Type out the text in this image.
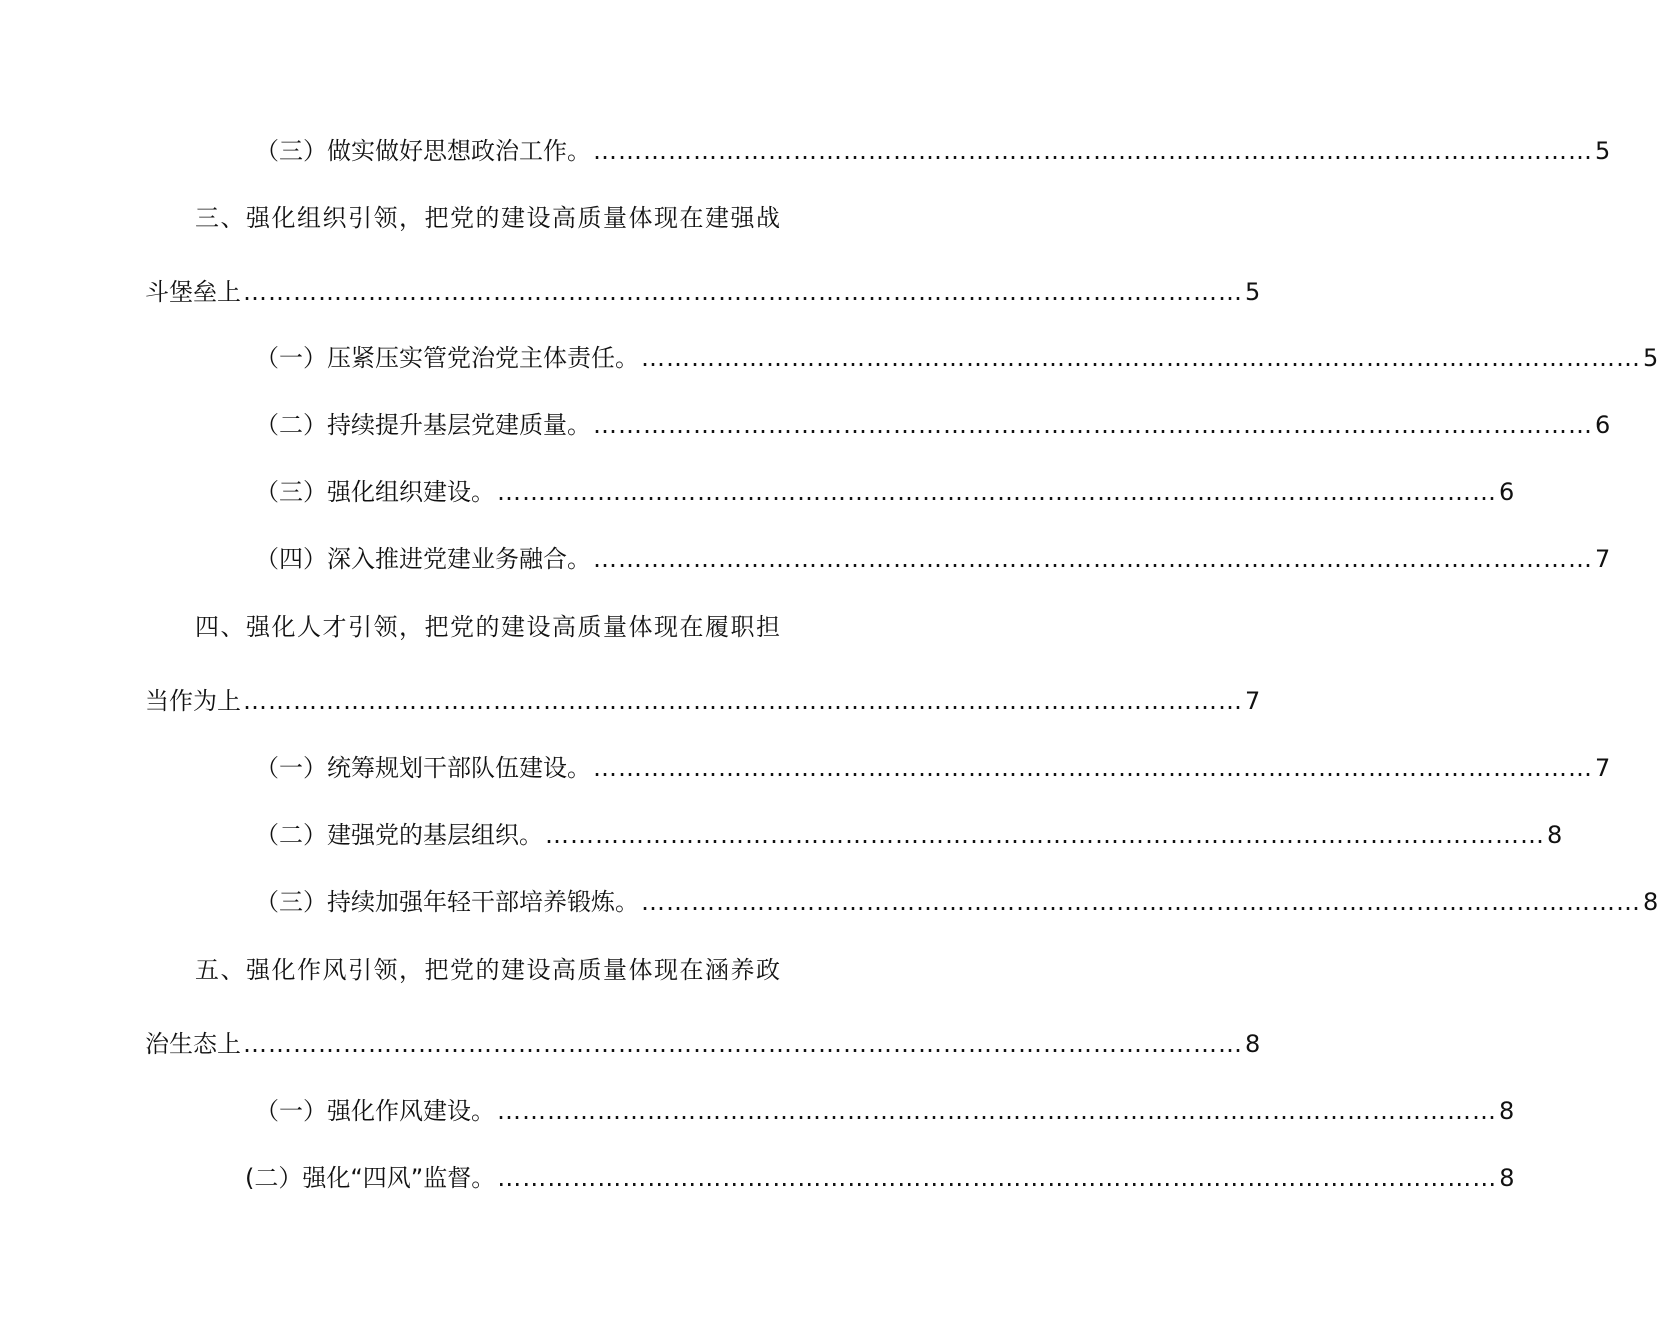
（三）做实做好思想政治工作。 ………………………………………………………………………………………………………… 5
三、强化组织引领，把党的建设高质量体现在建强战
斗堡垒上 ………………………………………………………………………………………………………… 5
（一）压紧压实管党治党主体责任。 ………………………………………………………………………………………………………… 5
（二）持续提升基层党建质量。 ………………………………………………………………………………………………………… 6
（三）强化组织建设。 ………………………………………………………………………………………………………… 6
（四）深入推进党建业务融合。 ………………………………………………………………………………………………………… 7
四、强化人才引领，把党的建设高质量体现在履职担
当作为上 ………………………………………………………………………………………………………… 7
（一）统筹规划干部队伍建设。 ………………………………………………………………………………………………………… 7
（二）建强党的基层组织。 ………………………………………………………………………………………………………… 8
（三）持续加强年轻干部培养锻炼。 ………………………………………………………………………………………………………… 8
五、强化作风引领，把党的建设高质量体现在涵养政
治生态上 ………………………………………………………………………………………………………… 8
（一）强化作风建设。 ………………………………………………………………………………………………………… 8
(二）强化“四风”监督。 ………………………………………………………………………………………………………… 8
